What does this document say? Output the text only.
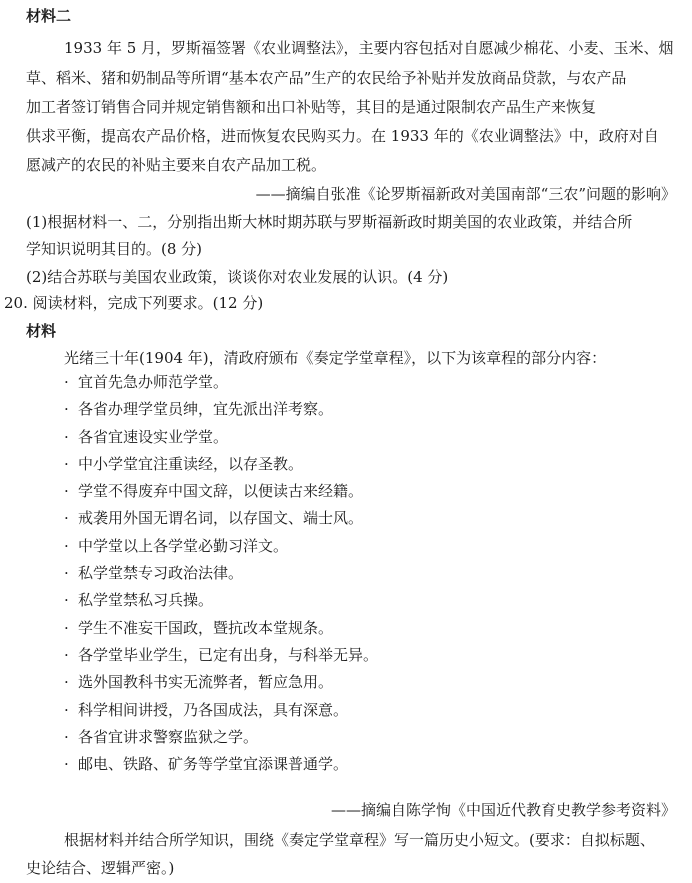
材料二
1933 年 5 月，罗斯福签署《农业调整法》，主要内容包括对自愿减少棉花、小麦、玉米、烟
草、稻米、猪和奶制品等所谓“基本农产品”生产的农民给予补贴并发放商品贷款，与农产品
加工者签订销售合同并规定销售额和出口补贴等，其目的是通过限制农产品生产来恢复
供求平衡，提高农产品价格，进而恢复农民购买力。在 1933 年的《农业调整法》中，政府对自
愿减产的农民的补贴主要来自农产品加工税。
——摘编自张准《论罗斯福新政对美国南部“三农”问题的影响》
(1)根据材料一、二，分别指出斯大林时期苏联与罗斯福新政时期美国的农业政策，并结合所
学知识说明其目的。(8 分)
(2)结合苏联与美国农业政策，谈谈你对农业发展的认识。(4 分)
20. 阅读材料，完成下列要求。(12 分)
材料
光绪三十年(1904 年)，清政府颁布《奏定学堂章程》，以下为该章程的部分内容：
· 宜首先急办师范学堂。
· 各省办理学堂员绅，宜先派出洋考察。
· 各省宜速设实业学堂。
· 中小学堂宜注重读经，以存圣教。
· 学堂不得废弃中国文辞，以便读古来经籍。
· 戒袭用外国无谓名词，以存国文、端士风。
· 中学堂以上各学堂必勤习洋文。
· 私学堂禁专习政治法律。
· 私学堂禁私习兵操。
· 学生不准妄干国政，暨抗改本堂规条。
· 各学堂毕业学生，已定有出身，与科举无异。
· 选外国教科书实无流弊者，暂应急用。
· 科学相间讲授，乃各国成法，具有深意。
· 各省宜讲求警察监狱之学。
· 邮电、铁路、矿务等学堂宜添课普通学。
——摘编自陈学恂《中国近代教育史教学参考资料》
根据材料并结合所学知识，围绕《奏定学堂章程》写一篇历史小短文。(要求：自拟标题、
史论结合、逻辑严密。)
